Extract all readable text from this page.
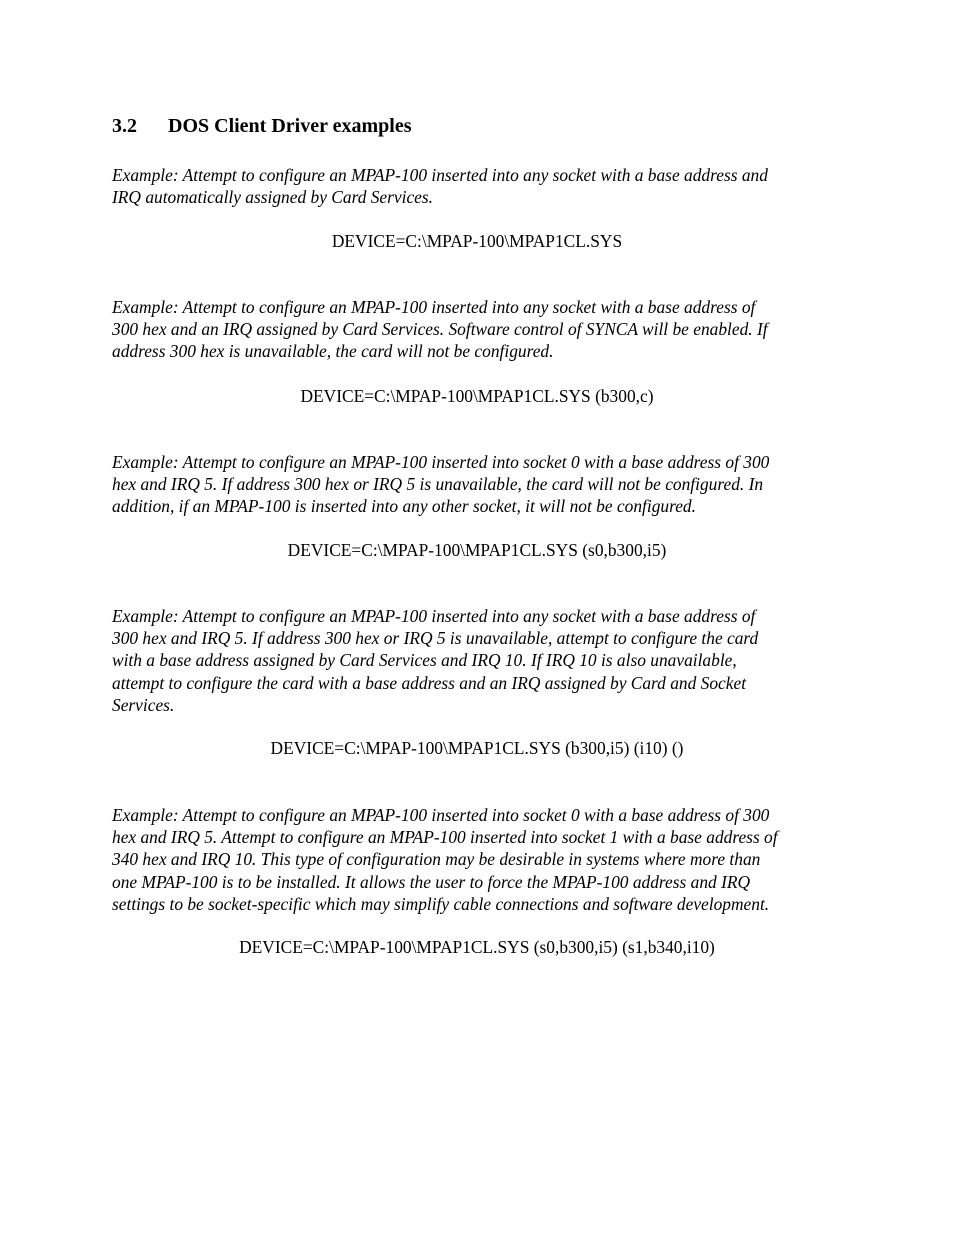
3.2 DOS Client Driver examples

Example: Attempt to configure an MPAP-100 inserted into any socket with a base address and
IRQ automatically assigned by Card Services.

DEVICE=C:\MPAP-100\MPAP1CL.SYS

Example: Attempt to configure an MPAP-100 inserted into any socket with a base address of
300 hex and an IRQ assigned by Card Services. Software control of SYNCA will be enabled. If
address 300 hex is unavailable, the card will not be configured.

DEVICE=C:\MPAP-100\MPAP1CL.SYS (b300,c)

Example: Attempt to configure an MPAP-100 inserted into socket 0 with a base address of 300
hex and IRQ 5. If address 300 hex or IRQ 5 is unavailable, the card will not be configured. In
addition, if an MPAP-100 is inserted into any other socket, it will not be configured.

DEVICE=C:\MPAP-100\MPAP1CL.SYS (s0,b300,i5)

Example: Attempt to configure an MPAP-100 inserted into any socket with a base address of
300 hex and IRQ 5. If address 300 hex or IRQ 5 is unavailable, attempt to configure the card
with a base address assigned by Card Services and IRQ 10. If IRQ 10 is also unavailable,
attempt to configure the card with a base address and an IRQ assigned by Card and Socket
Services.

DEVICE=C:\MPAP-100\MPAP1CL.SYS (b300,i5) (i10) ()

Example: Attempt to configure an MPAP-100 inserted into socket 0 with a base address of 300
hex and IRQ 5. Attempt to configure an MPAP-100 inserted into socket 1 with a base address of
340 hex and IRQ 10. This type of configuration may be desirable in systems where more than
one MPAP-100 is to be installed. It allows the user to force the MPAP-100 address and IRQ
settings to be socket-specific which may simplify cable connections and software development.

DEVICE=C:\MPAP-100\MPAP1CL.SYS (s0,b300,i5) (s1,b340,i10)
